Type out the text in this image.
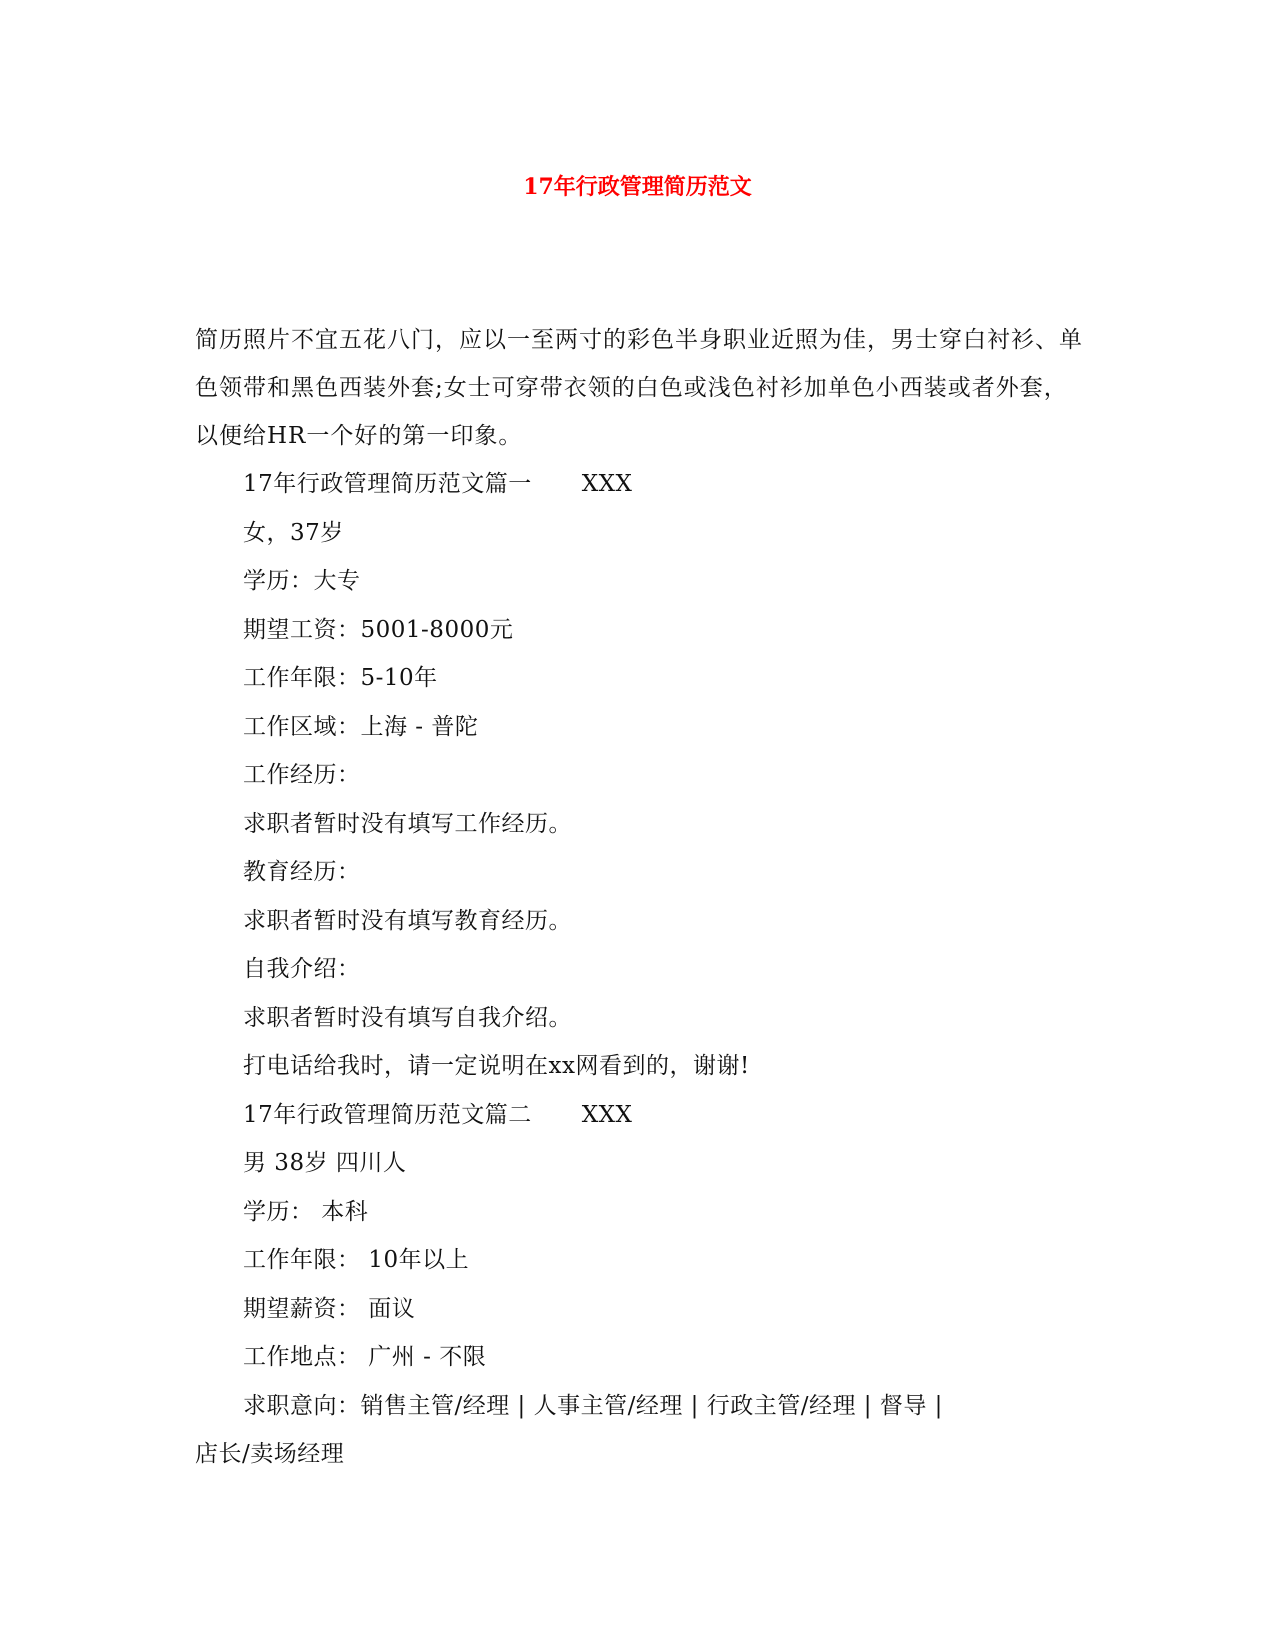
17年行政管理简历范文
简历照片不宜五花八门，应以一至两寸的彩色半身职业近照为佳，男士穿白衬衫、单色领带和黑色西装外套;女士可穿带衣领的白色或浅色衬衫加单色小西装或者外套，以便给HR一个好的第一印象。
17年行政管理简历范文篇一 XXX
女，37岁
学历：大专
期望工资：5001-8000元
工作年限：5-10年
工作区域：上海 - 普陀
工作经历：
求职者暂时没有填写工作经历。
教育经历：
求职者暂时没有填写教育经历。
自我介绍：
求职者暂时没有填写自我介绍。
打电话给我时，请一定说明在xx网看到的，谢谢!
17年行政管理简历范文篇二 XXX
男 38岁 四川人
学历： 本科
工作年限： 10年以上
期望薪资： 面议
工作地点： 广州 - 不限
求职意向：销售主管/经理 | 人事主管/经理 | 行政主管/经理 | 督导 |
店长/卖场经理
